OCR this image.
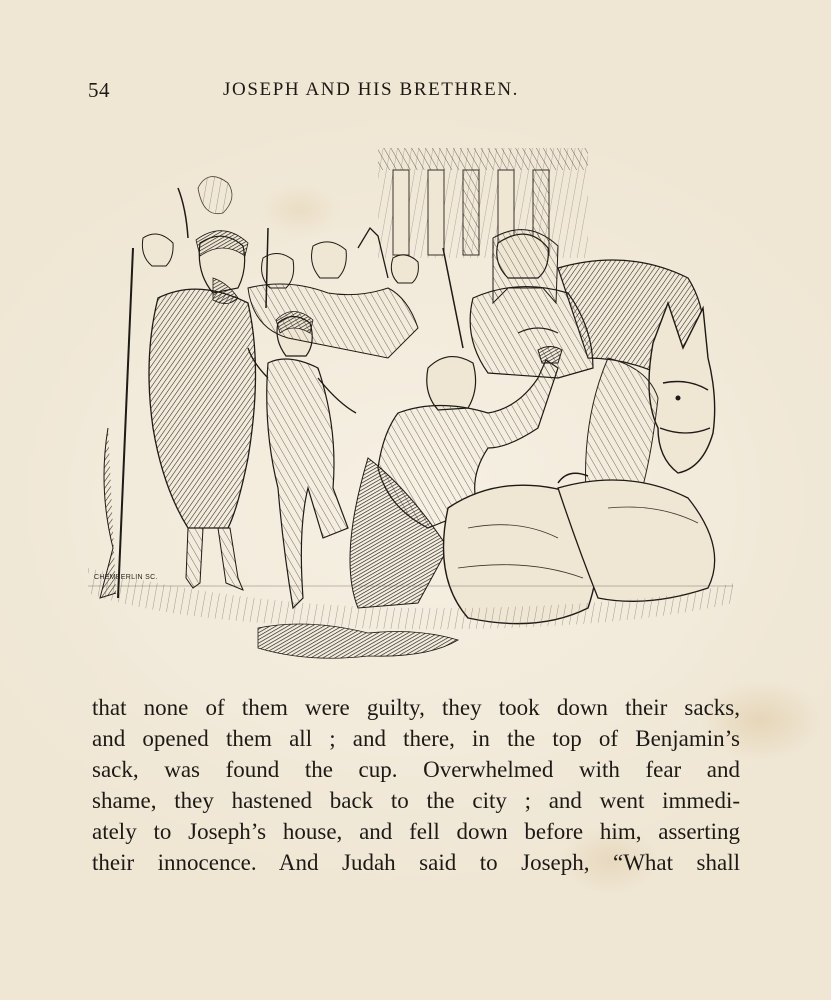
54	JOSEPH AND HIS BRETHREN.
CHEMBERLIN SC.
that none of them were guilty, they took down their sacks,
and opened them all ; and there, in the top of Benjamin’s
sack, was found the cup. Overwhelmed with fear and
shame, they hastened back to the city ; and went immedi-
ately to Joseph’s house, and fell down before him, asserting
their innocence. And Judah said to Joseph, “What shall
